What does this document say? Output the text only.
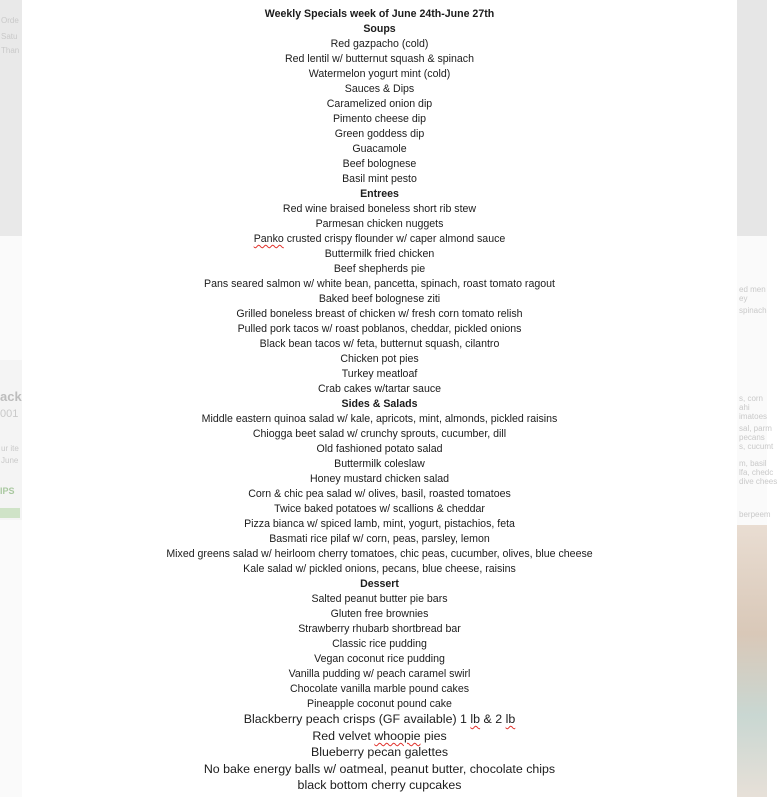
Orde
Satu
Than
ack
001
ur ite
June
IPS
ed men
ey
spinach
s, corn
ahi
imatoes
sal, parm
pecans
s, cucumt
m, basil
lfa, chedc
dive chees
berpeem
Weekly Specials week of June 24th-June 27th
Soups
Red gazpacho (cold)
Red lentil w/ butternut squash & spinach
Watermelon yogurt mint (cold)
Sauces & Dips
Caramelized onion dip
Pimento cheese dip
Green goddess dip
Guacamole
Beef bolognese
Basil mint pesto
Entrees
Red wine braised boneless short rib stew
Parmesan chicken nuggets
Panko crusted crispy flounder w/ caper almond sauce
Buttermilk fried chicken
Beef shepherds pie
Pans seared salmon w/ white bean, pancetta, spinach, roast tomato ragout
Baked beef bolognese ziti
Grilled boneless breast of chicken w/ fresh corn tomato relish
Pulled pork tacos w/ roast poblanos, cheddar, pickled onions
Black bean tacos w/ feta, butternut squash, cilantro
Chicken pot pies
Turkey meatloaf
Crab cakes w/tartar sauce
Sides & Salads
Middle eastern quinoa salad w/ kale, apricots, mint, almonds, pickled raisins
Chiogga beet salad w/ crunchy sprouts, cucumber, dill
Old fashioned potato salad
Buttermilk coleslaw
Honey mustard chicken salad
Corn & chic pea salad w/ olives, basil, roasted tomatoes
Twice baked potatoes w/ scallions & cheddar
Pizza bianca w/ spiced lamb, mint, yogurt, pistachios, feta
Basmati rice pilaf w/ corn, peas, parsley, lemon
Mixed greens salad w/ heirloom cherry tomatoes, chic peas, cucumber, olives, blue cheese
Kale salad w/ pickled onions, pecans, blue cheese, raisins
Dessert
Salted peanut butter pie bars
Gluten free brownies
Strawberry rhubarb shortbread bar
Classic rice pudding
Vegan coconut rice pudding
Vanilla pudding w/ peach caramel swirl
Chocolate vanilla marble pound cakes
Pineapple coconut pound cake
Blackberry peach crisps (GF available) 1 lb & 2 lb
Red velvet whoopie pies
Blueberry pecan galettes
No bake energy balls w/ oatmeal, peanut butter, chocolate chips
black bottom cherry cupcakes
